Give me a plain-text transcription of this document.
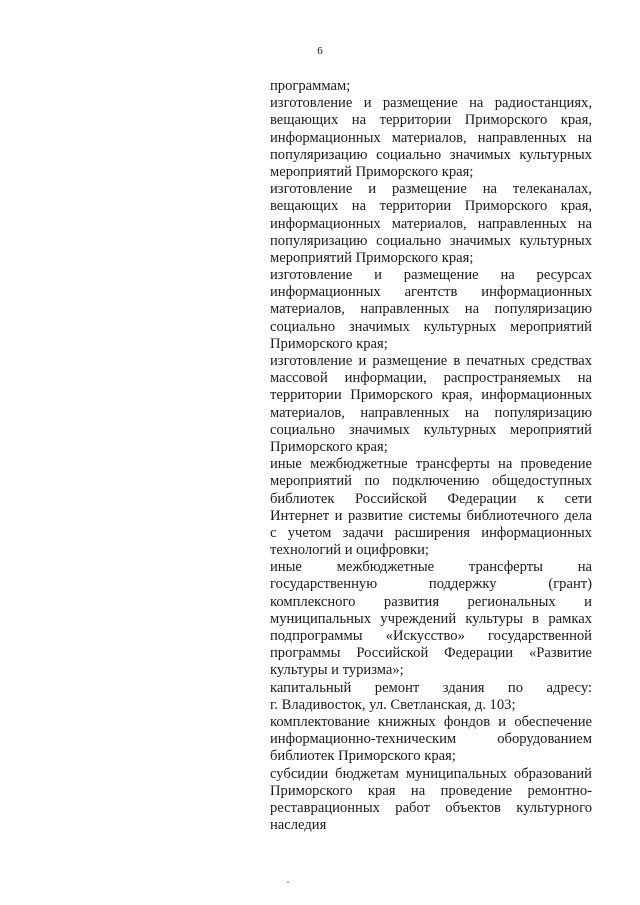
6

программам;

изготовление и размещение на радиостанциях,
вещающих на территории Приморского края,
информационных материалов, направленных на
популяризацию социально значимых культурных
мероприятий Приморского края;

изготовление и размещение на телеканалах,
вещающих на территории Приморского края,
информационных материалов, направленных на
популяризацию социально значимых культурных
мероприятий Приморского края;

изготовление и размещение на ресурсах
информационных агентств информационных
материалов, направленных на популяризацию
социально значимых культурных мероприятий
Приморского края;

изготовление и размещение в печатных средствах
массовой информации, распространяемых на
территории Приморского края, информационных
материалов, направленных на популяризацию
социально значимых культурных мероприятий
Приморского края;

иные межбюджетные трансферты на проведение
мероприятий по подключению общедоступных
библиотек Российской Федерации к сети
Интернет и развитие системы библиотечного дела
с учетом задачи расширения информационных
технологий и оцифровки;

иные межбюджетные трансферты на
государственную поддержку (грант)
комплексного развития региональных и
муниципальных учреждений культуры в рамках
подпрограммы «Искусство» государственной
программы Российской Федерации «Развитие
культуры и туризма»;

капитальный ремонт здания по адресу:
г. Владивосток, ул. Светланская, д. 103;

комплектование книжных фондов и обеспечение
информационно-техническим оборудованием
библиотек Приморского края;

субсидии бюджетам муниципальных образований
Приморского края на проведение ремонтно-
реставрационных работ объектов культурного
наследия
